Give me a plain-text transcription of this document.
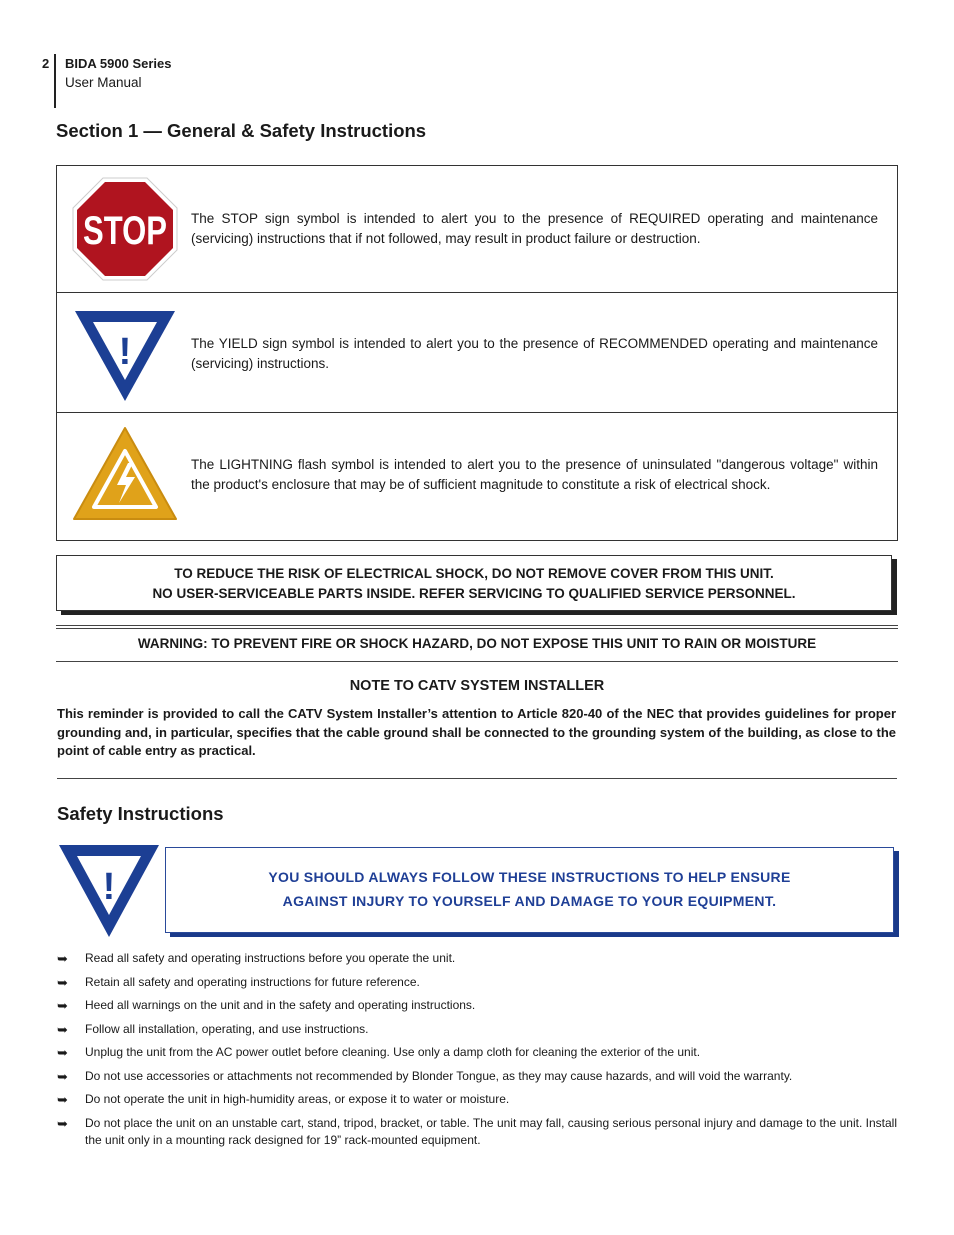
2 BIDA 5900 Series
User Manual
Section 1 — General & Safety Instructions
STOP The STOP sign symbol is intended to alert you to the presence of REQUIRED operating and maintenance (servicing) instructions that if not followed, may result in product failure or destruction.
!	The YIELD sign symbol is intended to alert you to the presence of RECOMMENDED operating and maintenance (servicing) instructions.
The LIGHTNING flash symbol is intended to alert you to the presence of uninsulated "dangerous voltage" within the product's enclosure that may be of sufficient magnitude to constitute a risk of electrical shock.
TO REDUCE THE RISK OF ELECTRICAL SHOCK, DO NOT REMOVE COVER FROM THIS UNIT.
NO USER-SERVICEABLE PARTS INSIDE. REFER SERVICING TO QUALIFIED SERVICE PERSONNEL.
WARNING: TO PREVENT FIRE OR SHOCK HAZARD, DO NOT EXPOSE THIS UNIT TO RAIN OR MOISTURE
NOTE TO CATV SYSTEM INSTALLER
This reminder is provided to call the CATV System Installer’s attention to Article 820-40 of the NEC that provides guidelines for proper grounding and, in particular, specifies that the cable ground shall be connected to the grounding system of the building, as close to the point of cable entry as practical.
Safety Instructions
!	YOU SHOULD ALWAYS FOLLOW THESE INSTRUCTIONS TO HELP ENSURE
AGAINST INJURY TO YOURSELF AND DAMAGE TO YOUR EQUIPMENT.
➥ Read all safety and operating instructions before you operate the unit.
➥ Retain all safety and operating instructions for future reference.
➥ Heed all warnings on the unit and in the safety and operating instructions.
➥ Follow all installation, operating, and use instructions.
➥ Unplug the unit from the AC power outlet before cleaning. Use only a damp cloth for cleaning the exterior of the unit.
➥ Do not use accessories or attachments not recommended by Blonder Tongue, as they may cause hazards, and will void the warranty.
➥ Do not operate the unit in high-humidity areas, or expose it to water or moisture.
➥ Do not place the unit on an unstable cart, stand, tripod, bracket, or table. The unit may fall, causing serious personal injury and damage to the unit. Install the unit only in a mounting rack designed for 19” rack-mounted equipment.
